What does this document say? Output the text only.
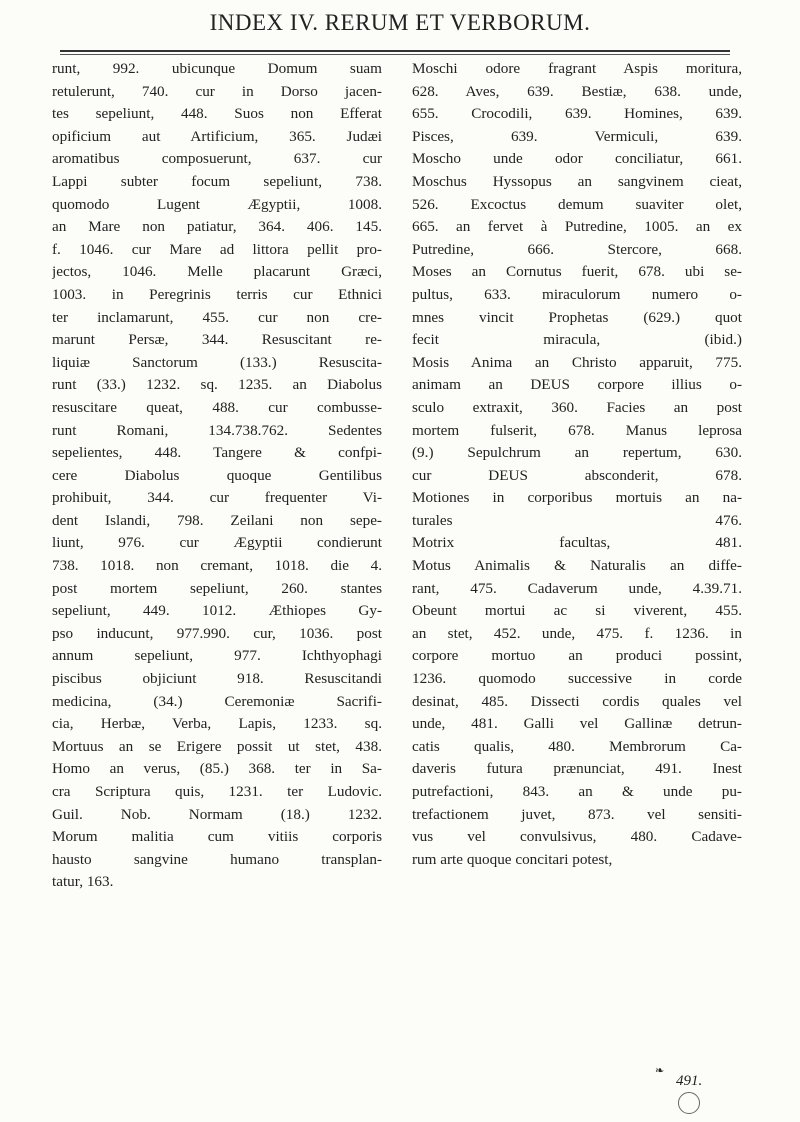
INDEX IV. RERUM ET VERBORUM.
runt, 992. ubicunque Domum suam
retulerunt, 740. cur in Dorso jacen-
tes sepeliunt, 448. Suos non Efferat
opificium aut Artificium, 365. Judæi
aromatibus composuerunt, 637. cur
Lappi subter focum sepeliunt, 738.
quomodo Lugent Ægyptii, 1008.
an Mare non patiatur, 364. 406. 145.
f. 1046. cur Mare ad littora pellit pro-
jectos, 1046. Melle placarunt Græci,
1003. in Peregrinis terris cur Ethnici
ter inclamarunt, 455. cur non cre-
marunt Persæ, 344. Resuscitant re-
liquiæ Sanctorum (133.) Resuscita-
runt (33.) 1232. sq. 1235. an Diabolus
resuscitare queat, 488. cur combusse-
runt Romani, 134.738.762. Sedentes
sepelientes, 448. Tangere & confpi-
cere Diabolus quoque Gentilibus
prohibuit, 344. cur frequenter Vi-
dent Islandi, 798. Zeilani non sepe-
liunt, 976. cur Ægyptii condierunt
738. 1018. non cremant, 1018. die 4.
post mortem sepeliunt, 260. stantes
sepeliunt, 449. 1012. Æthiopes Gy-
pso inducunt, 977.990. cur, 1036. post
annum sepeliunt, 977. Ichthyophagi
piscibus objiciunt 918. Resuscitandi
medicina, (34.) Ceremoniæ Sacrifi-
cia, Herbæ, Verba, Lapis, 1233. sq.
Mortuus an se Erigere possit ut stet, 438.
Homo an verus, (85.) 368. ter in Sa-
cra Scriptura quis, 1231. ter Ludovic.
Guil. Nob. Normam (18.) 1232.
Morum malitia cum vitiis corporis
hausto sangvine humano transplan-
tatur, 163.
Moschi odore fragrant Aspis moritura,
628. Aves, 639. Bestiæ, 638. unde,
655. Crocodili, 639. Homines, 639.
Pisces, 639. Vermiculi, 639.
Moscho unde odor conciliatur, 661.
Moschus Hyssopus an sangvinem cieat,
526. Excoctus demum suaviter olet,
665. an fervet à Putredine, 1005. an ex
Putredine, 666. Stercore, 668.
Moses an Cornutus fuerit, 678. ubi se-
pultus, 633. miraculorum numero o-
mnes vincit Prophetas (629.) quot
fecit miracula, (ibid.)
Mosis Anima an Christo apparuit, 775.
animam an DEUS corpore illius o-
sculo extraxit, 360. Facies an post
mortem fulserit, 678. Manus leprosa
(9.) Sepulchrum an repertum, 630.
cur DEUS absconderit, 678.
Motiones in corporibus mortuis an na-
turales 476.
Motrix facultas, 481.
Motus Animalis & Naturalis an diffe-
rant, 475. Cadaverum unde, 4.39.71.
Obeunt mortui ac si viverent, 455.
an stet, 452. unde, 475. f. 1236. in
corpore mortuo an produci possint,
1236. quomodo successive in corde
desinat, 485. Dissecti cordis quales vel
unde, 481. Galli vel Gallinæ detrun-
catis qualis, 480. Membrorum Ca-
daveris futura prænunciat, 491. Inest
putrefactioni, 843. an & unde pu-
trefactionem juvet, 873. vel sensiti-
vus vel convulsivus, 480. Cadave-
rum arte quoque concitari potest,
❧
491.
